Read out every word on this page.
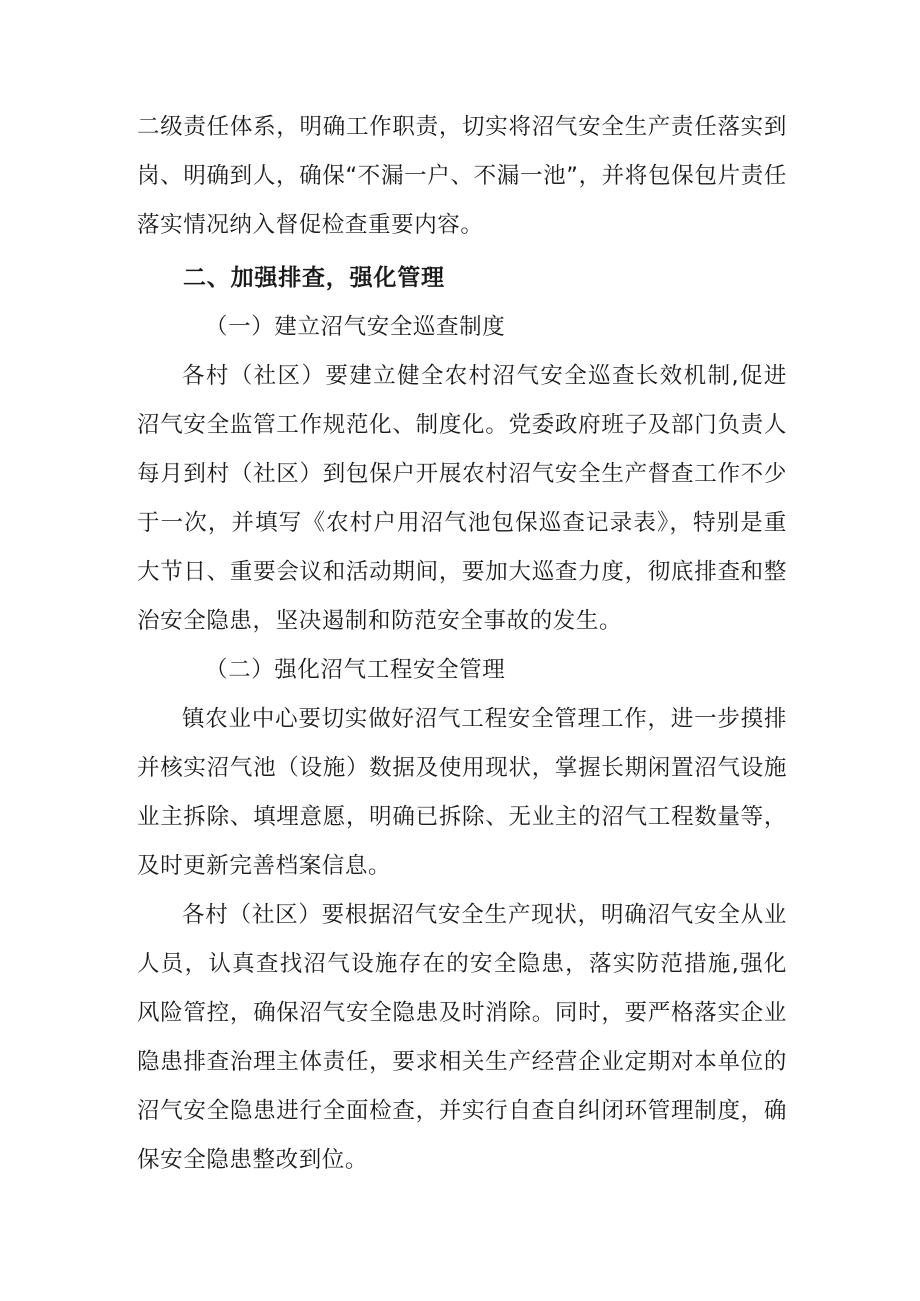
二级责任体系，明确工作职责，切实将沼气安全生产责任落实到岗、明确到人，确保“不漏一户、不漏一池”，并将包保包片责任落实情况纳入督促检查重要内容。

二、加强排查，强化管理

（一）建立沼气安全巡查制度

各村（社区）要建立健全农村沼气安全巡查长效机制,促进沼气安全监管工作规范化、制度化。党委政府班子及部门负责人每月到村（社区）到包保户开展农村沼气安全生产督查工作不少于一次，并填写《农村户用沼气池包保巡查记录表》，特别是重大节日、重要会议和活动期间，要加大巡查力度，彻底排查和整治安全隐患，坚决遏制和防范安全事故的发生。

（二）强化沼气工程安全管理

镇农业中心要切实做好沼气工程安全管理工作，进一步摸排并核实沼气池（设施）数据及使用现状，掌握长期闲置沼气设施业主拆除、填埋意愿，明确已拆除、无业主的沼气工程数量等，及时更新完善档案信息。

各村（社区）要根据沼气安全生产现状，明确沼气安全从业人员，认真查找沼气设施存在的安全隐患，落实防范措施,强化风险管控，确保沼气安全隐患及时消除。同时，要严格落实企业隐患排查治理主体责任，要求相关生产经营企业定期对本单位的沼气安全隐患进行全面检查，并实行自查自纠闭环管理制度，确保安全隐患整改到位。
